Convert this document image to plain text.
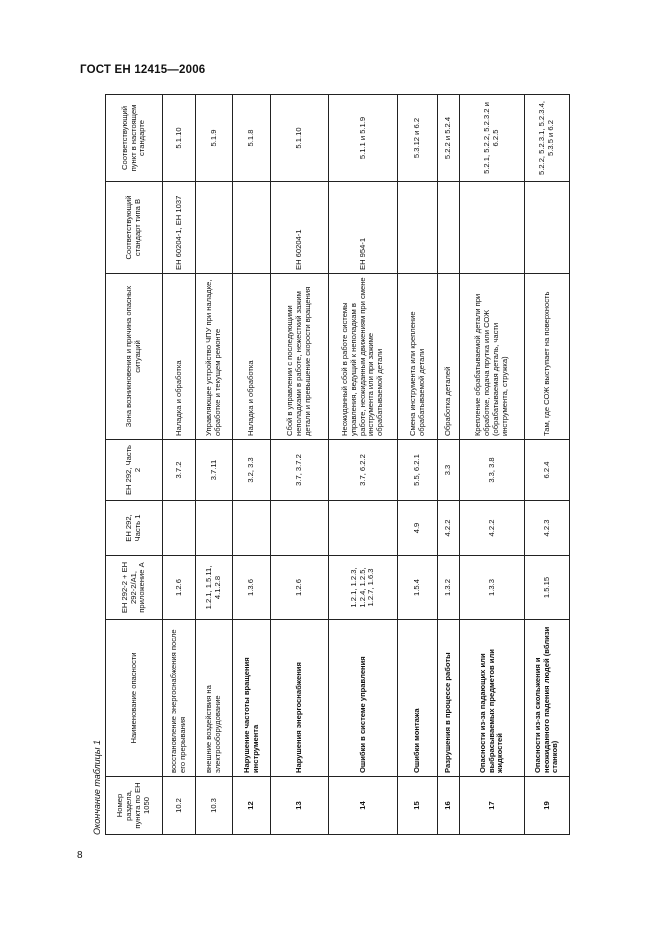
ГОСТ ЕН 12415—2006
Окончание таблицы 1	Номер раздела, пункта по ЕН 1050	Наименование опасности	ЕН 292-2 + ЕН 292-2/А1, приложение А	ЕН 292, Часть 1	ЕН 292, Часть 2	Зона возникновения и причина опасных ситуаций	Соответствующий стандарт типа В	Соответствующий пункт в настоящем стандарте
10.2	восстановление энергоснабжения после его прерывания	1.2.6		3.7.2	Наладка и обработка	ЕН 60204-1, ЕН 1037	5.1.10
10.3	внешние воздействия на электрооборудование	1.2.1, 1.5.11, 4.1.2.8		3.7.11	Управляющее устройство ЧПУ при наладке, обработке и текущем ремонте		5.1.9
12	Нарушение частоты вращения инструмента	1.3.6		3.2, 3.3	Наладка и обработка		5.1.8
13	Нарушения энергоснабжения	1.2.6		3.7, 3.7.2	Сбой в управлении с последующими неполадками в работе, нежесткий зажим детали и превышение скорости вращения	ЕН 60204-1	5.1.10
14	Ошибки в системе управления	1.2.1, 1.2.3, 1.2.4, 1.2.5, 1.2.7, 1.6.3		3.7, 6.2.2	Неожиданный сбой в работе системы управления, ведущий к неполадкам в работе, неожиданным движениям при смене инструмента или при зажиме обрабатываемой детали	ЕН 954-1	5.1.1 и 5.1.9
15	Ошибки монтажа	1.5.4	4.9	5.5, 6.2.1	Смена инструмента или крепление обрабатываемой детали		5.3.12 и 6.2
16	Разрушения в процессе работы	1.3.2	4.2.2	3.3	Обработка деталей		5.2.2 и 5.2.4
17	Опасности из-за падающих или выбрасываемых предметов или жидкостей	1.3.3	4.2.2	3.3, 3.8	Крепление обрабатываемой детали при обработке, подача прутка или СОЖ (обрабатываемая деталь, части инструмента, стружка)		5.2.1, 5.2.2, 5.2.3.2 и 6.2.5
19	Опасности из-за скольжения и неожиданного падения людей (вблизи станков)	1.5.15	4.2.3	6.2.4	Там, где СОЖ выступает на поверхность		5.2.2, 5.2.3.1, 5.2.3.4, 5.3.5 и 6.2
8
